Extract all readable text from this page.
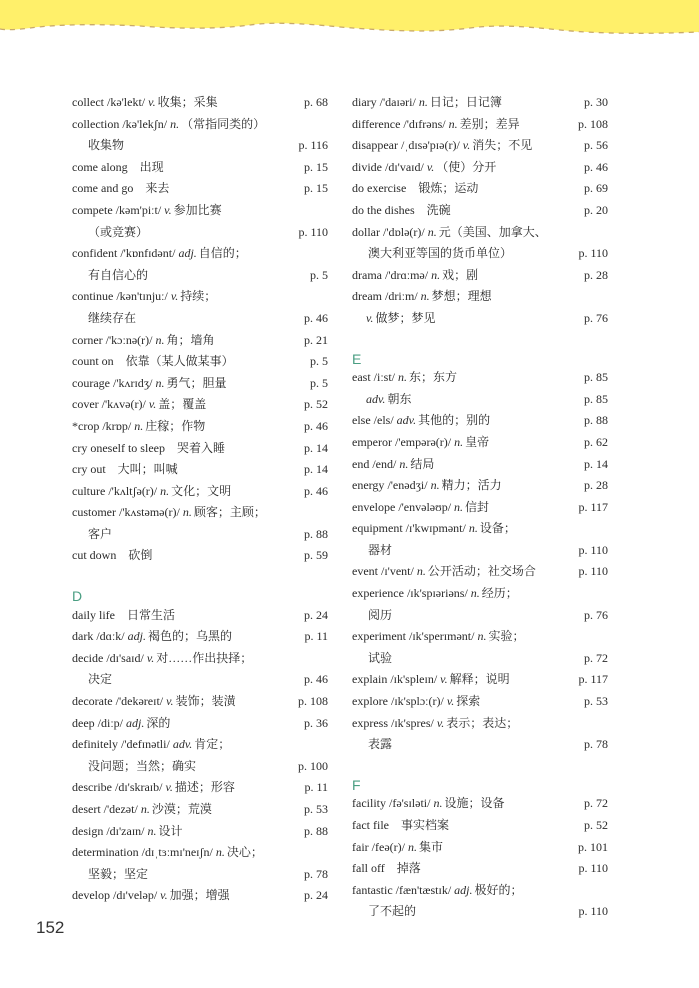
collect /kə'lekt/ v. 收集；采集	p. 68
collection /kə'lekʃn/ n. （常指同类的）
收集物	p. 116
come along 出现	p. 15
come and go 来去	p. 15
compete /kəm'piːt/ v. 参加比赛
（或竞赛）	p. 110
confident /'kɒnfɪdənt/ adj. 自信的；
有自信心的	p. 5
continue /kən'tɪnjuː/ v. 持续；
继续存在	p. 46
corner /'kɔːnə(r)/ n. 角；墙角	p. 21
count on 依靠（某人做某事）	p. 5
courage /'kʌrɪdʒ/ n. 勇气；胆量	p. 5
cover /'kʌvə(r)/ v. 盖；覆盖	p. 52
*crop /krɒp/ n. 庄稼；作物	p. 46
cry oneself to sleep 哭着入睡	p. 14
cry out 大叫；叫喊	p. 14
culture /'kʌltʃə(r)/ n. 文化；文明	p. 46
customer /'kʌstəmə(r)/ n. 顾客；主顾；
客户	p. 88
cut down 砍倒	p. 59
D
daily life 日常生活	p. 24
dark /dɑːk/ adj. 褐色的；乌黑的	p. 11
decide /dɪ'saɪd/ v. 对……作出抉择；
决定	p. 46
decorate /'dekəreɪt/ v. 装饰；装潢	p. 108
deep /diːp/ adj. 深的	p. 36
definitely /'defɪnətli/ adv. 肯定；
没问题；当然；确实	p. 100
describe /dɪ'skraɪb/ v. 描述；形容	p. 11
desert /'dezət/ n. 沙漠；荒漠	p. 53
design /dɪ'zaɪn/ n. 设计	p. 88
determination /dɪˌtɜːmɪ'neɪʃn/ n. 决心；
坚毅；坚定	p. 78
develop /dɪ'veləp/ v. 加强；增强	p. 24
diary /'daɪəri/ n. 日记；日记簿	p. 30
difference /'dɪfrəns/ n. 差别；差异	p. 108
disappear /ˌdɪsə'pɪə(r)/ v. 消失；不见	p. 56
divide /dɪ'vaɪd/ v. （使）分开	p. 46
do exercise 锻炼；运动	p. 69
do the dishes 洗碗	p. 20
dollar /'dɒlə(r)/ n. 元（美国、加拿大、
澳大利亚等国的货币单位）	p. 110
drama /'drɑːmə/ n. 戏；剧	p. 28
dream /driːm/ n. 梦想；理想
v. 做梦；梦见	p. 76
E
east /iːst/ n. 东；东方	p. 85
adv. 朝东	p. 85
else /els/ adv. 其他的；别的	p. 88
emperor /'empərə(r)/ n. 皇帝	p. 62
end /end/ n. 结局	p. 14
energy /'enədʒi/ n. 精力；活力	p. 28
envelope /'envələʊp/ n. 信封	p. 117
equipment /ɪ'kwɪpmənt/ n. 设备；
器材	p. 110
event /ɪ'vent/ n. 公开活动；社交场合	p. 110
experience /ɪk'spɪəriəns/ n. 经历；
阅历	p. 76
experiment /ɪk'sperɪmənt/ n. 实验；
试验	p. 72
explain /ɪk'spleɪn/ v. 解释；说明	p. 117
explore /ɪk'splɔː(r)/ v. 探索	p. 53
express /ɪk'spres/ v. 表示；表达；
表露	p. 78
F
facility /fə'sɪləti/ n. 设施；设备	p. 72
fact file 事实档案	p. 52
fair /feə(r)/ n. 集市	p. 101
fall off 掉落	p. 110
fantastic /fæn'tæstɪk/ adj. 极好的；
了不起的	p. 110
152
